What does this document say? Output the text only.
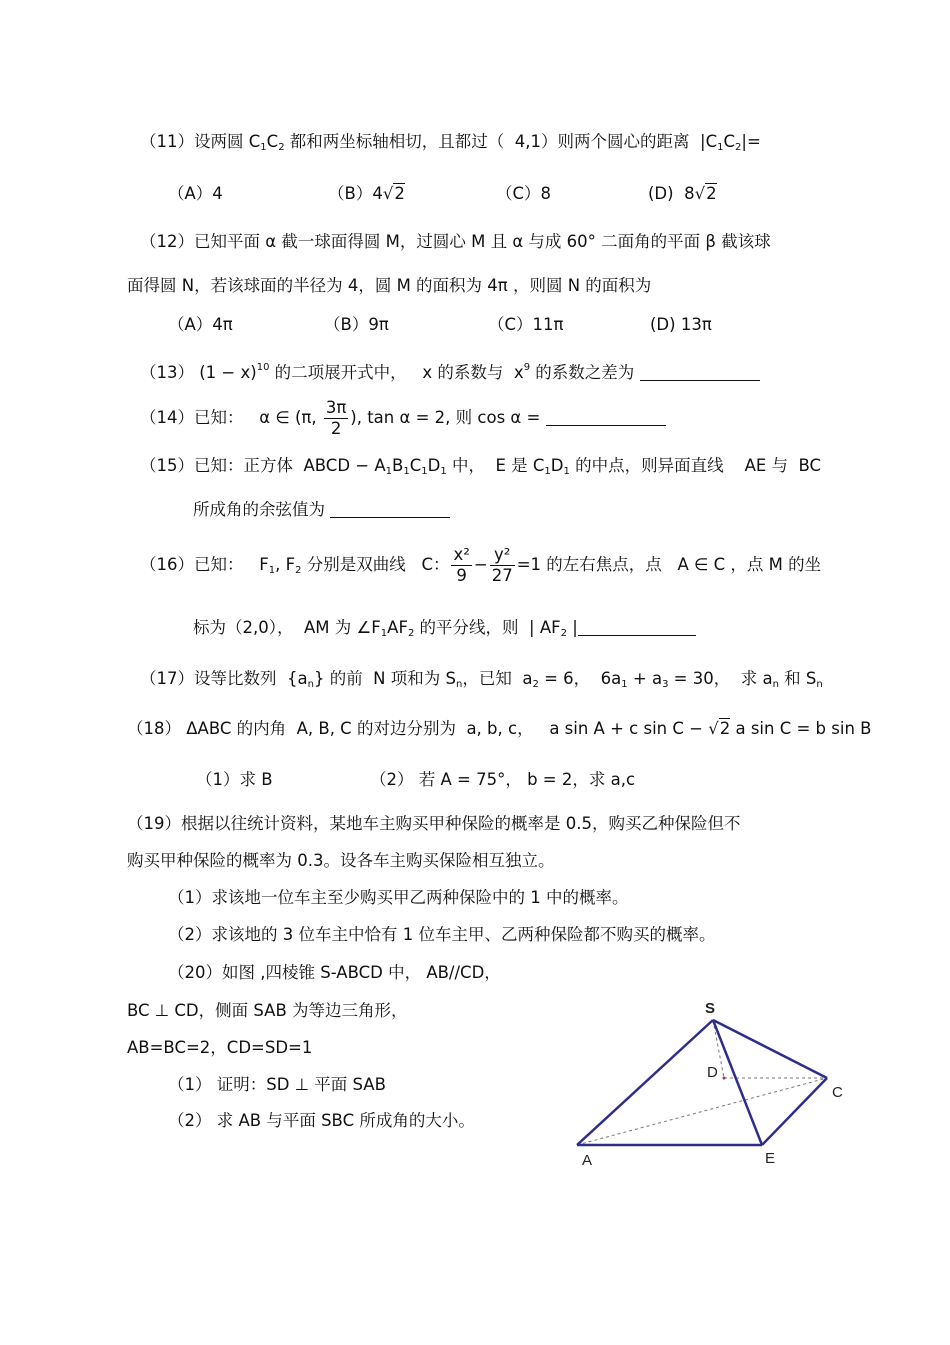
（11）设两圆 $C_1C_2$ 都和两坐标轴相切，且都过（  4,1）则两个圆心的距离  $|C_1C_2|=$
（A）4	（B）4√2	（C）8	(D)  8√2
（12）已知平面 α 截一球面得圆 M，过圆心 M 且 α 与成 60° 二面角的平面 β 截该球
面得圆 N，若该球面的半径为 4，圆 M 的面积为 4π ，则圆 N 的面积为
（A）4π	（B）9π	（C）11π	(D) 13π
（13） $(1 - x)^{10}$ 的二项展开式中，   x 的系数与  $x^9$ 的系数之差为
（14）已知：   α ∈ (π, $\frac{3\pi}{2}$ ), tan α = 2, 则 cos α =
（15）已知：正方体  ABCD − $A_1B_1C_1D_1$ 中，  E 是 $C_1D_1$ 的中点，则异面直线    AE 与  BC
所成角的余弦值为
（16）已知：   $F_1$, $F_2$ 分别是双曲线   C： $\frac{\text{x²}}{9} - \frac{\text{y²}}{27} =1$ 的左右焦点，点   A ∈ C ，点 M 的坐
标为（2,0），  AM 为 $\angle F_1AF_2$ 的平分线，则  | $AF_2$ |
（17）设等比数列  $\{a_n\}$ 的前  N 项和为 $S_n$，已知  $a_2 = 6$，  $6a_1 + a_3 = 30$，  求 $a_n$ 和 $S_n$
（18） ΔABC 的内角  A, B, C 的对边分别为  a, b, c，   a sin A + c sin C − √2 a sin C = b sin B
（1）求 B	（2） 若 A = 75°， b = 2，求 a,c
（19）根据以往统计资料，某地车主购买甲种保险的概率是 0.5，购买乙种保险但不
购买甲种保险的概率为 0.3。设各车主购买保险相互独立。
（1）求该地一位车主至少购买甲乙两种保险中的 1 中的概率。
（2）求该地的 3 位车主中恰有 1 位车主甲、乙两种保险都不购买的概率。
（20）如图 ,四棱锥 S-ABCD 中， AB//CD，
BC ⊥ CD，侧面 SAB 为等边三角形，
AB=BC=2，CD=SD=1
（1） 证明：SD ⊥ 平面 SAB
（2） 求 AB 与平面 SBC 所成角的大小。
S
D
C
A	E
